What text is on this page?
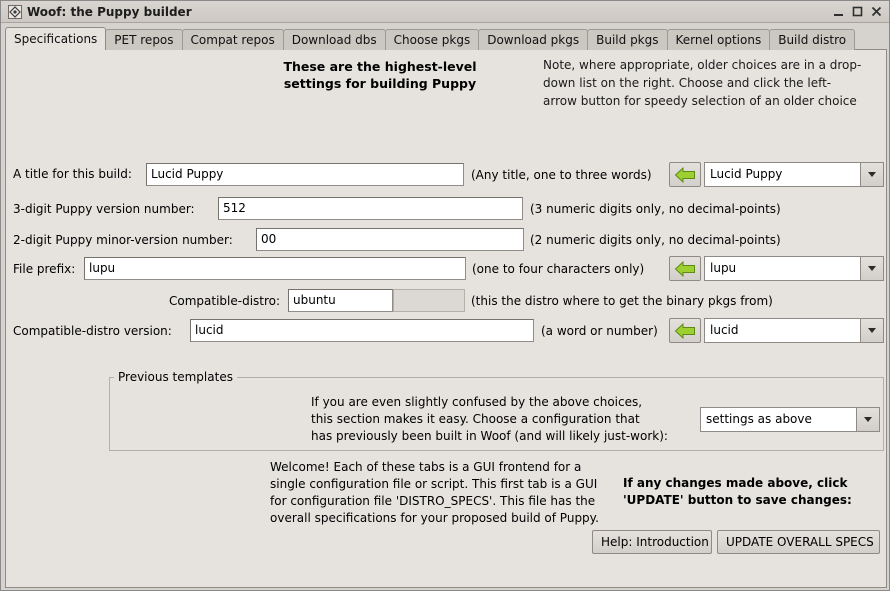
Woof: the Puppy builder
Specifications	PET repos	Compat repos	Download dbs	Choose pkgs	Download pkgs	Build pkgs	Kernel options	Build distro
These are the highest-level
settings for building Puppy
Note, where appropriate, older choices are in a drop-
down list on the right. Choose and click the left-
arrow button for speedy selection of an older choice
A title for this build:	Lucid Puppy	(Any title, one to three words)	Lucid Puppy
3-digit Puppy version number:	512	(3 numeric digits only, no decimal-points)
2-digit Puppy minor-version number:	00	(2 numeric digits only, no decimal-points)
File prefix:	lupu	(one to four characters only)	lupu
Compatible-distro:	ubuntu	(this the distro where to get the binary pkgs from)
Compatible-distro version:	lucid	(a word or number)	lucid
Previous templates
If you are even slightly confused by the above choices,
this section makes it easy. Choose a configuration that
has previously been built in Woof (and will likely just-work):
settings as above
Welcome! Each of these tabs is a GUI frontend for a
single configuration file or script. This first tab is a GUI
for configuration file 'DISTRO_SPECS'. This file has the
overall specifications for your proposed build of Puppy.
If any changes made above, click
'UPDATE' button to save changes:
Help: Introduction	UPDATE OVERALL SPECS
